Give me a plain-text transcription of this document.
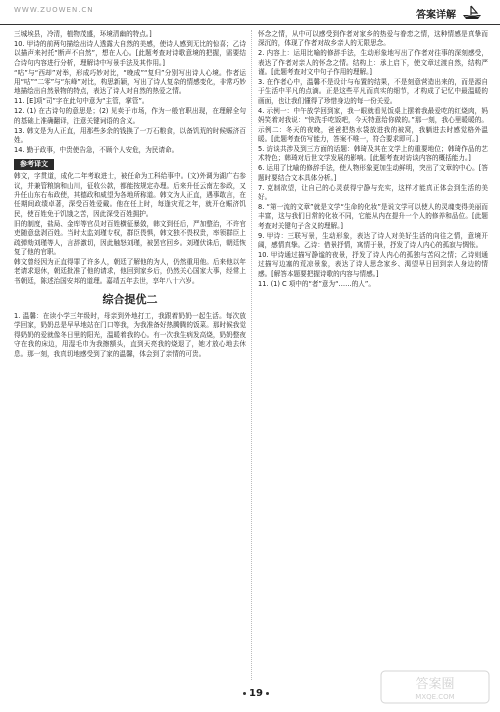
WWW.ZUOWEN.CN	答案详解

三城埃县，冷清，植物茂盛，环境清幽的特点。]

10. 甲诗的前两句描绘出诗人透露大自然的美感，使诗人感到无比的惊喜；乙诗以描声来衬托“断声不自然”，想在人心。[此题考查对诗歌意境的把握，需要结合诗句内容进行分析，理解诗中写景手法及其作用。]

“咕”与“西却”对举，形成巧妙对比，“晚成”“复归”分别写出诗人心境。作者运用“咕”“二零”与“东峰”对比，构思新颖，写出了诗人复杂的情感变化，非常巧妙地描绘出自然景物的特点，表达了诗人对自然的热爱之情。

11. [E]项“司”字在此句中意为“主管，掌管”。

12. (1) 在古诗句的意思是；(2) 见卖于市场，作为一般官职出现，在理解全句的基础上准确翻译，注意关键词语的含义。

13. 韩文是为人正直，用那些多余的钱换了一万石粮食，以备饥荒的时候赈济百姓。

14. 勤于政事，中贵使告急，不顾个人安危，为民请命。

参考译文

韩文，字贯道，成化二年考取进士，被任命为工科给事中。(文)外调为湖广右参议，并兼管粮饷和山川，征收公款，都能按规定办理。后来升任云南左参政，又升任山东右布政使，其德政和威望为各地所称道。韩文为人正直，遇事敢言，在任期间政绩卓著，深受百姓爱戴。他在任上时，每逢灾荒之年，就开仓赈济饥民，使百姓免于饥饿之苦，因此深受百姓拥护。

旧的制度，盐局、金库等官员对百姓横征暴敛，韩文到任后，严加整治，不许官吏随意盘剥百姓。当时太监刘瑾专权，群臣畏惧，韩文独不畏权贵，率领群臣上疏弹劾刘瑾等人，言辞激切，因此触怒刘瑾，被罢官回乡。刘瑾伏诛后，朝廷恢复了他的官职。

韩文曾经因为正直得罪了许多人，朝廷了解他的为人，仍然重用他。后来他以年老请求退休，朝廷批准了他的请求，他回到家乡后，仍然关心国家大事，经常上书朝廷，陈述治国安邦的道理。嘉靖五年去世，享年八十六岁。

综合提优二

1. 温馨：在读小学三年级时，母亲到外地打工，我跟着奶奶一起生活。每次放学回家，奶奶总是早早地站在门口等我，为我准备好热腾腾的饭菜。那时候我觉得奶奶的爱就像冬日里的阳光，温暖着我的心。有一次我生病发高烧，奶奶整夜守在我的床边，用湿毛巾为我擦额头，直到天亮我的烧退了，她才放心地去休息。那一刻，我真切地感受到了家的温馨，体会到了亲情的可贵。

怀念之情，从中可以感受到作者对家乡的热爱与眷恋之情，这种情感是真挚而深沉的，体现了作者对故乡亲人的无限思念。

2. 内容上：运用比喻的修辞手法，生动形象地写出了作者对往事的深刻感受，表达了作者对亲人的怀念之情。结构上：承上启下，使文章过渡自然，结构严谨。[此题考查对文中句子作用的理解。]

3. 在作者心中，温馨不是设计与布置的结果，不是刻意营造出来的，而是源自于生活中平凡的点滴。正是这些平凡而真实的细节，才构成了记忆中最温暖的画面，也让我们懂得了珍惜身边的每一份关爱。

4. 示例一：中午放学回到家，我一眼就看见饭桌上摆着我最爱吃的红烧肉，妈妈笑着对我说：“快洗手吃饭吧，今天特意给你做的。”那一刻，我心里暖暖的。示例二：冬天的夜晚，爸爸把热水袋放进我的被窝，我躺进去时感觉格外温暖。[此题考查仿写能力，答案不唯一，符合要求即可。]

5. 访谈共涉及到三方面的话题：韩琦及其在文学上的重要地位；韩琦作品的艺术特色；韩琦对后世文学发展的影响。[此题考查对访谈内容的概括能力。]

6. 运用了比喻的修辞手法，使人物形象更加生动鲜明，突出了文章的中心。[答题时要结合文本具体分析。]

7. 克制欲望，让自己的心灵获得宁静与充实，这样才能真正体会到生活的美好。

8. “第一流的文章”就是文学“生命的化妆”是说文学可以使人的灵魂变得美丽而丰富，这与我们日常的化妆不同，它能从内在提升一个人的修养和品位。[此题考查对关键句子含义的理解。]

9. 甲诗：三联写景，生动形象，表达了诗人对美好生活的向往之情，意境开阔，感情真挚。乙诗：借景抒情，寓情于景，抒发了诗人内心的孤寂与惆怅。

10. 甲诗通过描写静谧的夜景，抒发了诗人内心的孤独与苦闷之情；乙诗则通过描写边塞的荒凉景象，表达了诗人思念家乡、渴望早日回到亲人身边的情感。[解答本题要把握诗歌的内容与情感。]

11. (1) C 项中的“者”意为“……的人”。

19
答案圈
MXQE.COM
